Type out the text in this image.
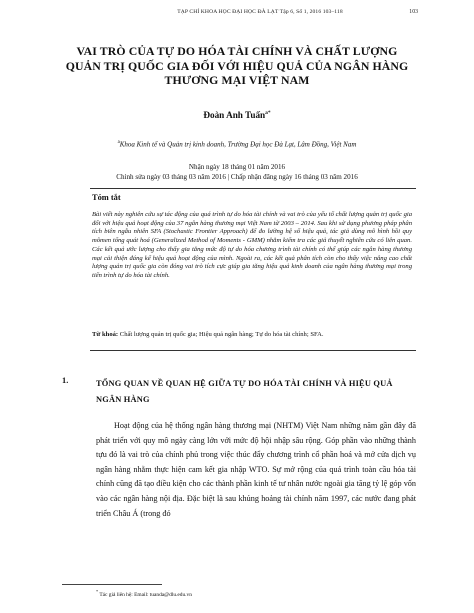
TẠP CHÍ KHOA HỌC ĐẠI HỌC ĐÀ LẠT Tập 6, Số 1, 2016 103–118	103
VAI TRÒ CỦA TỰ DO HÓA TÀI CHÍNH VÀ CHẤT LƯỢNG QUẢN TRỊ QUỐC GIA ĐỐI VỚI HIỆU QUẢ CỦA NGÂN HÀNG THƯƠNG MẠI VIỆT NAM
Đoàn Anh Tuấn$^{a*}$
$^a$Khoa Kinh tế và Quản trị kinh doanh, Trường Đại học Đà Lạt, Lâm Đồng, Việt Nam
Nhận ngày 18 tháng 01 năm 2016
Chỉnh sửa ngày 03 tháng 03 năm 2016 | Chấp nhận đăng ngày 16 tháng 03 năm 2016
Tóm tắt

Bài viết này nghiên cứu sự tác động của quá trình tự do hóa tài chính và vai trò của yếu tố chất lượng quản trị quốc gia đối với hiệu quả hoạt động của 37 ngân hàng thương mại Việt Nam từ 2003 – 2014. Sau khi sử dụng phương pháp phân tích biên ngẫu nhiên SFA (Stochastic Frontier Approach) để đo lường hệ số hiệu quả, tác giả dùng mô hình hồi quy mômen tổng quát hoá (Generalized Method of Moments - GMM) nhằm kiểm tra các giả thuyết nghiên cứu có liên quan. Các kết quả ước lượng cho thấy gia tăng mức độ tự do hóa chương trình tài chính có thể giúp các ngân hàng thương mại cải thiện đáng kể hiệu quả hoạt động của mình. Ngoài ra, các kết quả phân tích còn cho thấy việc nâng cao chất lượng quản trị quốc gia còn đóng vai trò tích cực giúp gia tăng hiệu quả kinh doanh của ngân hàng thương mại trong tiến trình tự do hóa tài chính.

Từ khoá: Chất lượng quản trị quốc gia; Hiệu quả ngân hàng; Tự do hóa tài chính; SFA.
1.	TỔNG QUAN VỀ QUAN HỆ GIỮA TỰ DO HÓA TÀI CHÍNH VÀ HIỆU QUẢ NGÂN HÀNG

Hoạt động của hệ thống ngân hàng thương mại (NHTM) Việt Nam những năm gần đây đã phát triển với quy mô ngày càng lớn với mức độ hội nhập sâu rộng. Góp phần vào những thành tựu đó là vai trò của chính phủ trong việc thúc đẩy chương trình cổ phần hoá và mở cửa dịch vụ ngân hàng nhằm thực hiện cam kết gia nhập WTO. Sự mở rộng của quá trình toàn cầu hóa tài chính cũng đã tạo điều kiện cho các thành phần kinh tế tư nhân nước ngoài gia tăng tỷ lệ góp vốn vào các ngân hàng nội địa. Đặc biệt là sau khủng hoảng tài chính năm 1997, các nước đang phát triển Châu Á (trong đó

* Tác giả liên hệ: Email: tuanda@dlu.edu.vn
